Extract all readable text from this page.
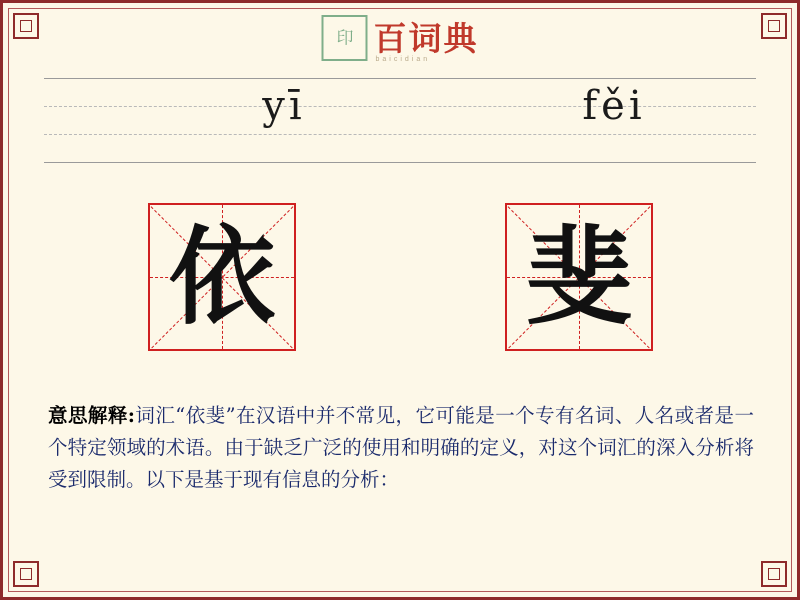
印 百词典
baicidian
yī	fěi
依 斐
意思解释:词汇“依斐”在汉语中并不常见，它可能是一个专有名词、人名或者是一个特定领域的术语。由于缺乏广泛的使用和明确的定义，对这个词汇的深入分析将受到限制。以下是基于现有信息的分析：
